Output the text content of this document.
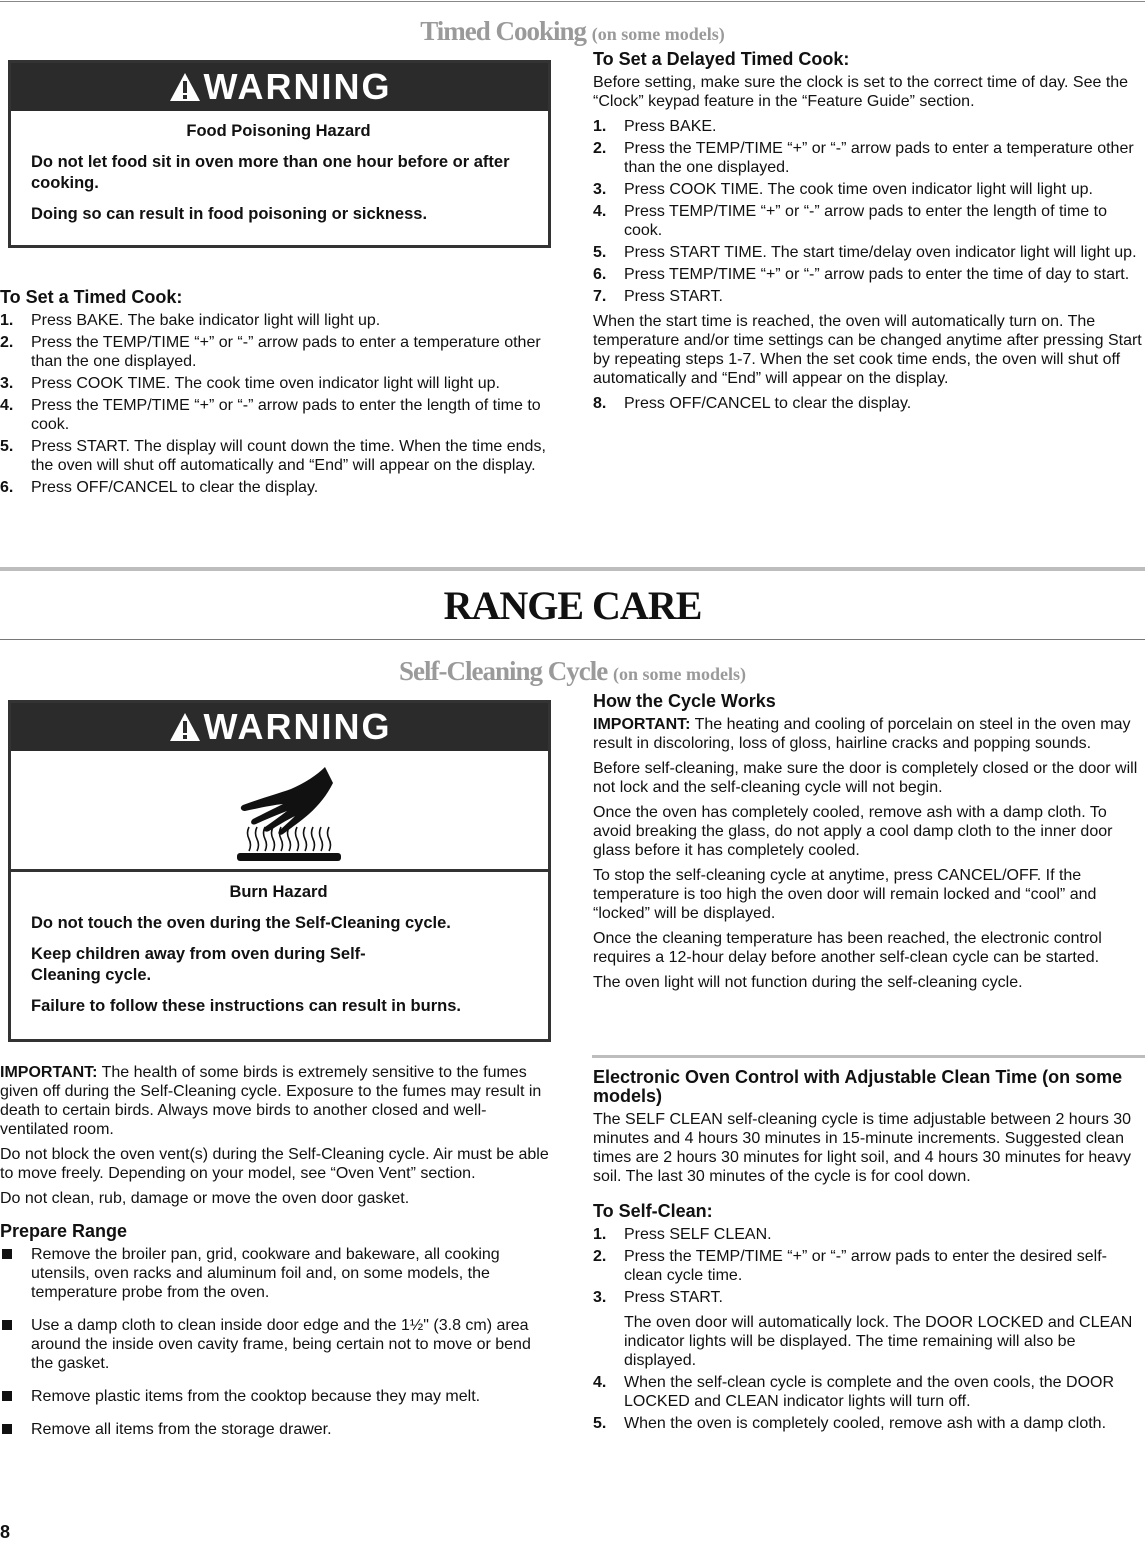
Timed Cooking (on some models)
WARNING
Food Poisoning Hazard

Do not let food sit in oven more than one hour before or after cooking.

Doing so can result in food poisoning or sickness.

To Set a Timed Cook:
1. Press BAKE. The bake indicator light will light up.
2. Press the TEMP/TIME “+” or “-” arrow pads to enter a temperature other than the one displayed.
3. Press COOK TIME. The cook time oven indicator light will light up.
4. Press the TEMP/TIME “+” or “-” arrow pads to enter the length of time to cook.
5. Press START. The display will count down the time. When the time ends, the oven will shut off automatically and “End” will appear on the display.
6. Press OFF/CANCEL to clear the display.
To Set a Delayed Timed Cook:

Before setting, make sure the clock is set to the correct time of day. See the “Clock” keypad feature in the “Feature Guide” section.

1. Press BAKE.
2. Press the TEMP/TIME “+” or “-” arrow pads to enter a temperature other than the one displayed.
3. Press COOK TIME. The cook time oven indicator light will light up.
4. Press TEMP/TIME “+” or “-” arrow pads to enter the length of time to cook.
5. Press START TIME. The start time/delay oven indicator light will light up.
6. Press TEMP/TIME “+” or “-” arrow pads to enter the time of day to start.
7. Press START.

When the start time is reached, the oven will automatically turn on. The temperature and/or time settings can be changed anytime after pressing Start by repeating steps 1-7. When the set cook time ends, the oven will shut off automatically and “End” will appear on the display.

8. Press OFF/CANCEL to clear the display.
RANGE CARE
Self-Cleaning Cycle (on some models)
WARNING
Burn Hazard

Do not touch the oven during the Self-Cleaning cycle.

Keep children away from oven during Self-Cleaning cycle.

Failure to follow these instructions can result in burns.

IMPORTANT: The health of some birds is extremely sensitive to the fumes given off during the Self-Cleaning cycle. Exposure to the fumes may result in death to certain birds. Always move birds to another closed and well-ventilated room.

Do not block the oven vent(s) during the Self-Cleaning cycle. Air must be able to move freely. Depending on your model, see “Oven Vent” section.

Do not clean, rub, damage or move the oven door gasket.

Prepare Range
Remove the broiler pan, grid, cookware and bakeware, all cooking utensils, oven racks and aluminum foil and, on some models, the temperature probe from the oven.
Use a damp cloth to clean inside door edge and the 1½" (3.8 cm) area around the inside oven cavity frame, being certain not to move or bend the gasket.
Remove plastic items from the cooktop because they may melt.
Remove all items from the storage drawer.
How the Cycle Works

IMPORTANT: The heating and cooling of porcelain on steel in the oven may result in discoloring, loss of gloss, hairline cracks and popping sounds.

Before self-cleaning, make sure the door is completely closed or the door will not lock and the self-cleaning cycle will not begin.

Once the oven has completely cooled, remove ash with a damp cloth. To avoid breaking the glass, do not apply a cool damp cloth to the inner door glass before it has completely cooled.

To stop the self-cleaning cycle at anytime, press CANCEL/OFF. If the temperature is too high the oven door will remain locked and “cool” and “locked” will be displayed.

Once the cleaning temperature has been reached, the electronic control requires a 12-hour delay before another self-clean cycle can be started.

The oven light will not function during the self-cleaning cycle.

Electronic Oven Control with Adjustable Clean Time (on some models)

The SELF CLEAN self-cleaning cycle is time adjustable between 2 hours 30 minutes and 4 hours 30 minutes in 15-minute increments. Suggested clean times are 2 hours 30 minutes for light soil, and 4 hours 30 minutes for heavy soil. The last 30 minutes of the cycle is for cool down.

To Self-Clean:
1. Press SELF CLEAN.
2. Press the TEMP/TIME “+” or “-” arrow pads to enter the desired self-clean cycle time.
3. Press START.
The oven door will automatically lock. The DOOR LOCKED and CLEAN indicator lights will be displayed. The time remaining will also be displayed.
4. When the self-clean cycle is complete and the oven cools, the DOOR LOCKED and CLEAN indicator lights will turn off.
5. When the oven is completely cooled, remove ash with a damp cloth.
8
